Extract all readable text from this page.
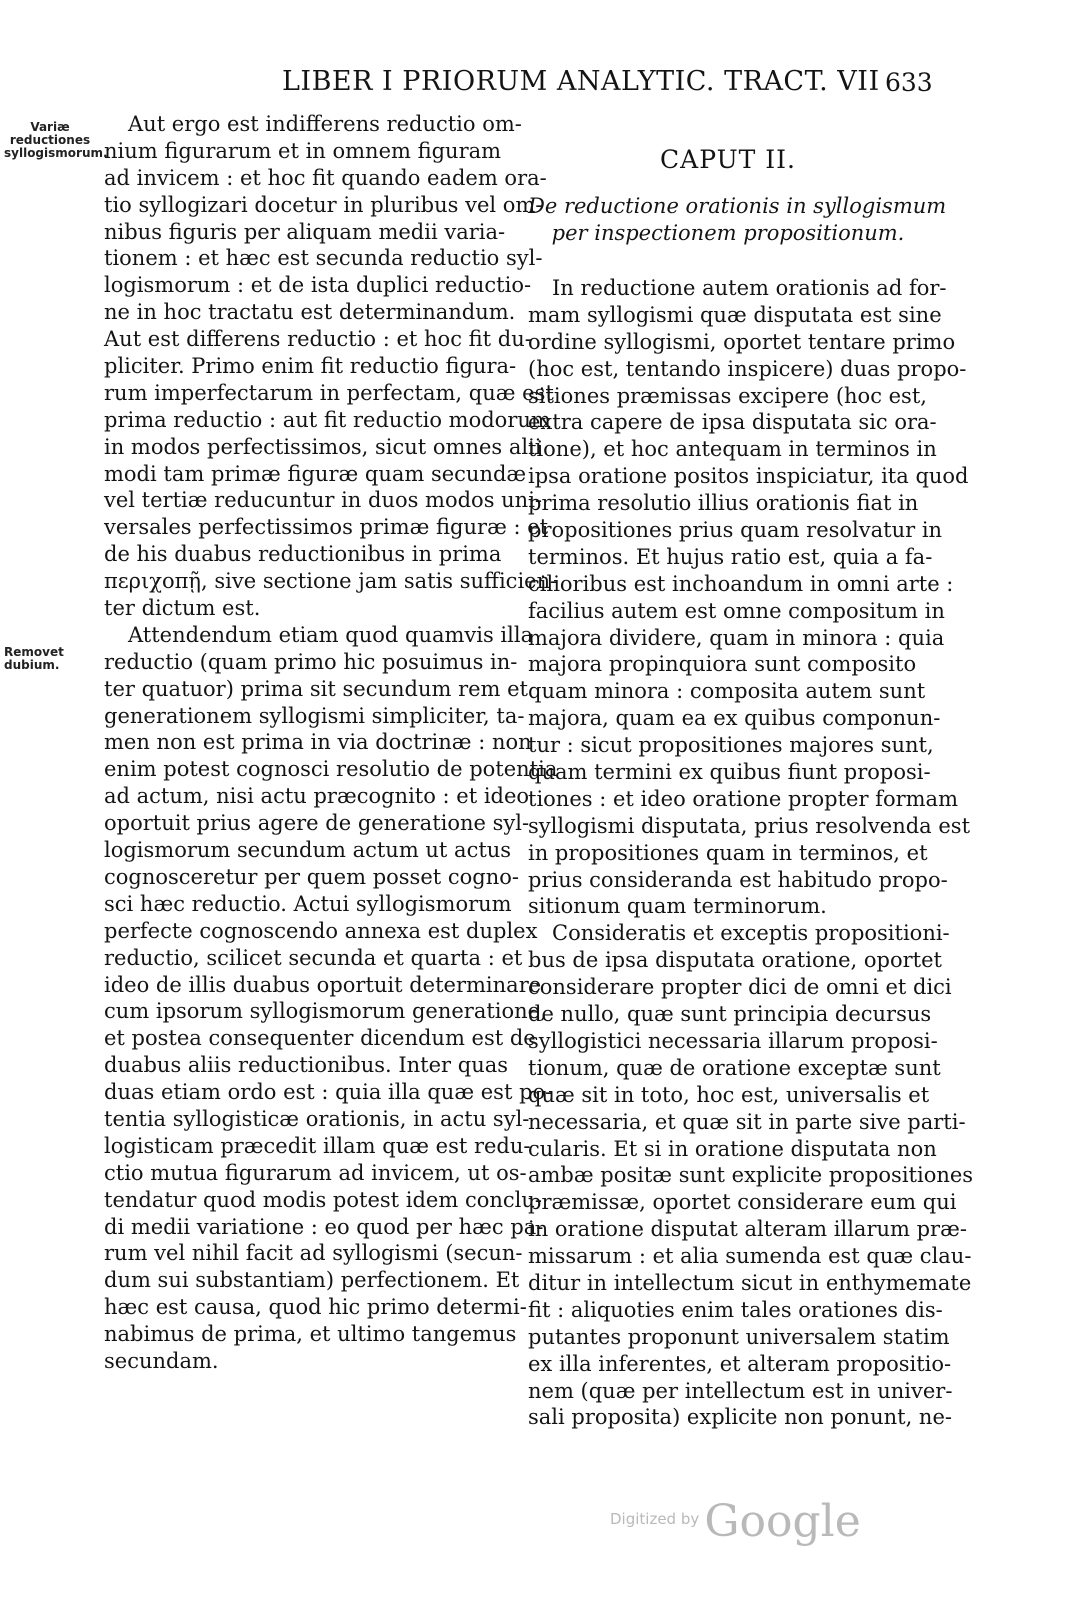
LIBER I PRIORUM ANALYTIC. TRACT. VII 633
Variæ reductiones syllogismorum.
Removet dubium.
Aut ergo est indifferens reductio om-
nium figurarum et in omnem figuram
ad invicem : et hoc fit quando eadem ora-
tio syllogizari docetur in pluribus vel om-
nibus figuris per aliquam medii varia-
tionem : et hæc est secunda reductio syl-
logismorum : et de ista duplici reductio-
ne in hoc tractatu est determinandum.
Aut est differens reductio : et hoc fit du-
pliciter. Primo enim fit reductio figura-
rum imperfectarum in perfectam, quæ est
prima reductio : aut fit reductio modorum
in modos perfectissimos, sicut omnes alii
modi tam primæ figuræ quam secundæ
vel tertiæ reducuntur in duos modos uni-
versales perfectissimos primæ figuræ : et
de his duabus reductionibus in prima
περιχοπῇ, sive sectione jam satis sufficien-
ter dictum est.
Attendendum etiam quod quamvis illa
reductio (quam primo hic posuimus in-
ter quatuor) prima sit secundum rem et
generationem syllogismi simpliciter, ta-
men non est prima in via doctrinæ : non
enim potest cognosci resolutio de potentia
ad actum, nisi actu præcognito : et ideo
oportuit prius agere de generatione syl-
logismorum secundum actum ut actus
cognosceretur per quem posset cogno-
sci hæc reductio. Actui syllogismorum
perfecte cognoscendo annexa est duplex
reductio, scilicet secunda et quarta : et
ideo de illis duabus oportuit determinare
cum ipsorum syllogismorum generatione,
et postea consequenter dicendum est de
duabus aliis reductionibus. Inter quas
duas etiam ordo est : quia illa quæ est po-
tentia syllogisticæ orationis, in actu syl-
logisticam præcedit illam quæ est redu-
ctio mutua figurarum ad invicem, ut os-
tendatur quod modis potest idem conclu-
di medii variatione : eo quod per hæc pa-
rum vel nihil facit ad syllogismi (secun-
dum sui substantiam) perfectionem. Et
hæc est causa, quod hic primo determi-
nabimus de prima, et ultimo tangemus
secundam.
CAPUT II.
De reductione orationis in syllogismum
per inspectionem propositionum.
In reductione autem orationis ad for-
mam syllogismi quæ disputata est sine
ordine syllogismi, oportet tentare primo
(hoc est, tentando inspicere) duas propo-
sitiones præmissas excipere (hoc est,
extra capere de ipsa disputata sic ora-
tione), et hoc antequam in terminos in
ipsa oratione positos inspiciatur, ita quod
prima resolutio illius orationis fiat in
propositiones prius quam resolvatur in
terminos. Et hujus ratio est, quia a fa-
cilioribus est inchoandum in omni arte :
facilius autem est omne compositum in
majora dividere, quam in minora : quia
majora propinquiora sunt composito
quam minora : composita autem sunt
majora, quam ea ex quibus componun-
tur : sicut propositiones majores sunt,
quam termini ex quibus fiunt proposi-
tiones : et ideo oratione propter formam
syllogismi disputata, prius resolvenda est
in propositiones quam in terminos, et
prius consideranda est habitudo propo-
sitionum quam terminorum.
Consideratis et exceptis propositioni-
bus de ipsa disputata oratione, oportet
considerare propter dici de omni et dici
de nullo, quæ sunt principia decursus
syllogistici necessaria illarum proposi-
tionum, quæ de oratione exceptæ sunt
quæ sit in toto, hoc est, universalis et
necessaria, et quæ sit in parte sive parti-
cularis. Et si in oratione disputata non
ambæ positæ sunt explicite propositiones
præmissæ, oportet considerare eum qui
in oratione disputat alteram illarum præ-
missarum : et alia sumenda est quæ clau-
ditur in intellectum sicut in enthymemate
fit : aliquoties enim tales orationes dis-
putantes proponunt universalem statim
ex illa inferentes, et alteram propositio-
nem (quæ per intellectum est in univer-
sali proposita) explicite non ponunt, ne-
Digitized by Google
